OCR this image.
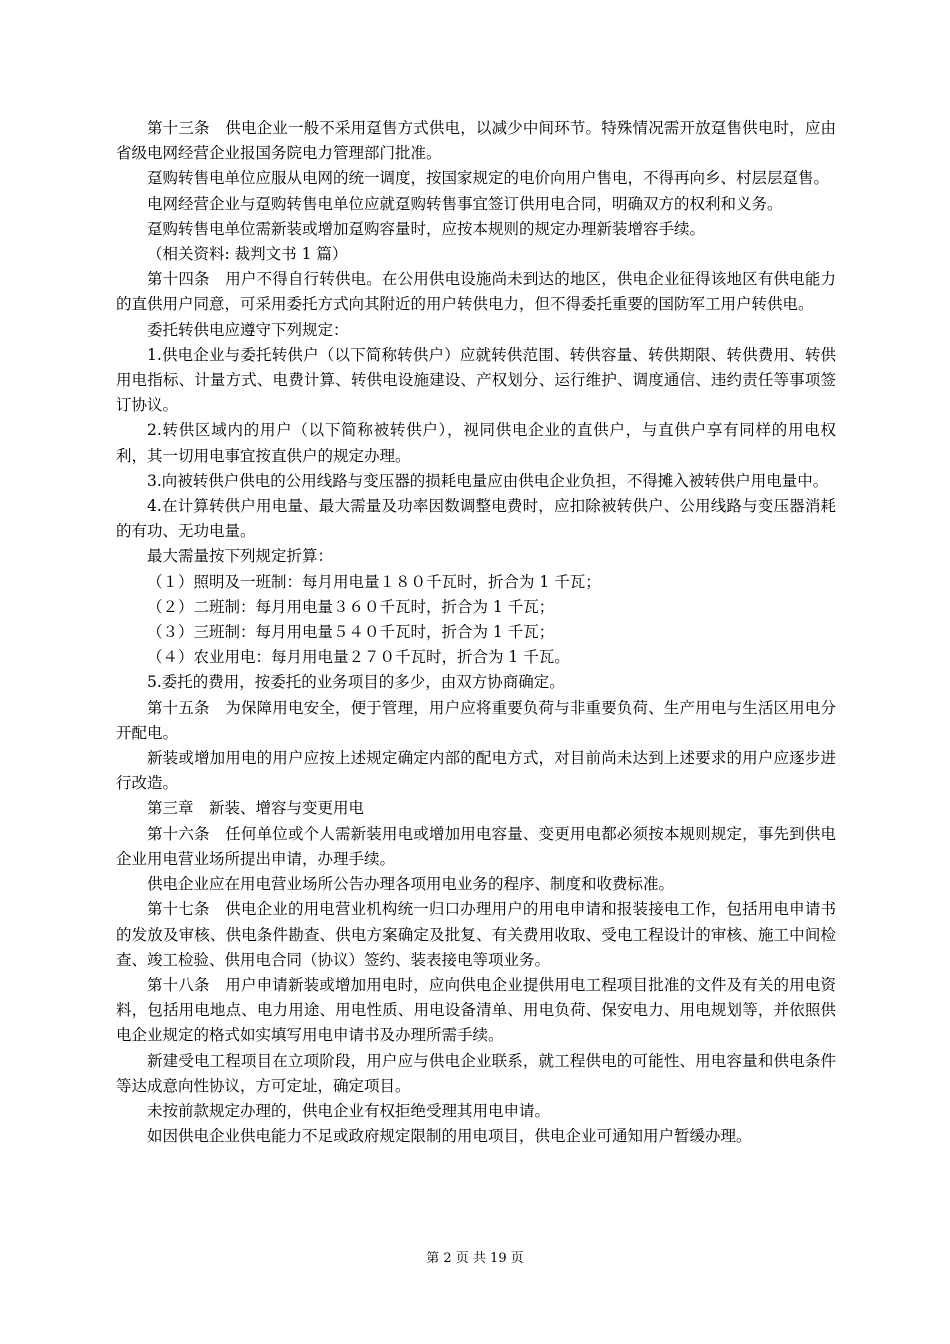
第十三条　供电企业一般不采用趸售方式供电，以减少中间环节。特殊情况需开放趸售供电时，应由省级电网经营企业报国务院电力管理部门批准。

趸购转售电单位应服从电网的统一调度，按国家规定的电价向用户售电，不得再向乡、村层层趸售。

电网经营企业与趸购转售电单位应就趸购转售事宜签订供用电合同，明确双方的权利和义务。

趸购转售电单位需新装或增加趸购容量时，应按本规则的规定办理新装增容手续。

（相关资料: 裁判文书 1 篇）

第十四条　用户不得自行转供电。在公用供电设施尚未到达的地区，供电企业征得该地区有供电能力的直供用户同意，可采用委托方式向其附近的用户转供电力，但不得委托重要的国防军工用户转供电。

委托转供电应遵守下列规定：

1.供电企业与委托转供户（以下简称转供户）应就转供范围、转供容量、转供期限、转供费用、转供用电指标、计量方式、电费计算、转供电设施建设、产权划分、运行维护、调度通信、违约责任等事项签订协议。

2.转供区域内的用户（以下简称被转供户），视同供电企业的直供户，与直供户享有同样的用电权利，其一切用电事宜按直供户的规定办理。

3.向被转供户供电的公用线路与变压器的损耗电量应由供电企业负担，不得摊入被转供户用电量中。

4.在计算转供户用电量、最大需量及功率因数调整电费时，应扣除被转供户、公用线路与变压器消耗的有功、无功电量。

最大需量按下列规定折算：

（１）照明及一班制：每月用电量１８０千瓦时，折合为 1 千瓦；

（２）二班制：每月用电量３６０千瓦时，折合为 1 千瓦；

（３）三班制：每月用电量５４０千瓦时，折合为 1 千瓦；

（４）农业用电：每月用电量２７０千瓦时，折合为 1 千瓦。

5.委托的费用，按委托的业务项目的多少，由双方协商确定。

第十五条　为保障用电安全，便于管理，用户应将重要负荷与非重要负荷、生产用电与生活区用电分开配电。

新装或增加用电的用户应按上述规定确定内部的配电方式，对目前尚未达到上述要求的用户应逐步进行改造。

第三章　新装、增容与变更用电

第十六条　任何单位或个人需新装用电或增加用电容量、变更用电都必须按本规则规定，事先到供电企业用电营业场所提出申请，办理手续。

供电企业应在用电营业场所公告办理各项用电业务的程序、制度和收费标准。

第十七条　供电企业的用电营业机构统一归口办理用户的用电申请和报装接电工作，包括用电申请书的发放及审核、供电条件勘查、供电方案确定及批复、有关费用收取、受电工程设计的审核、施工中间检查、竣工检验、供用电合同（协议）签约、装表接电等项业务。

第十八条　用户申请新装或增加用电时，应向供电企业提供用电工程项目批准的文件及有关的用电资料，包括用电地点、电力用途、用电性质、用电设备清单、用电负荷、保安电力、用电规划等，并依照供电企业规定的格式如实填写用电申请书及办理所需手续。

新建受电工程项目在立项阶段，用户应与供电企业联系，就工程供电的可能性、用电容量和供电条件等达成意向性协议，方可定址，确定项目。

未按前款规定办理的，供电企业有权拒绝受理其用电申请。

如因供电企业供电能力不足或政府规定限制的用电项目，供电企业可通知用户暂缓办理。

第 2 页 共 19 页
